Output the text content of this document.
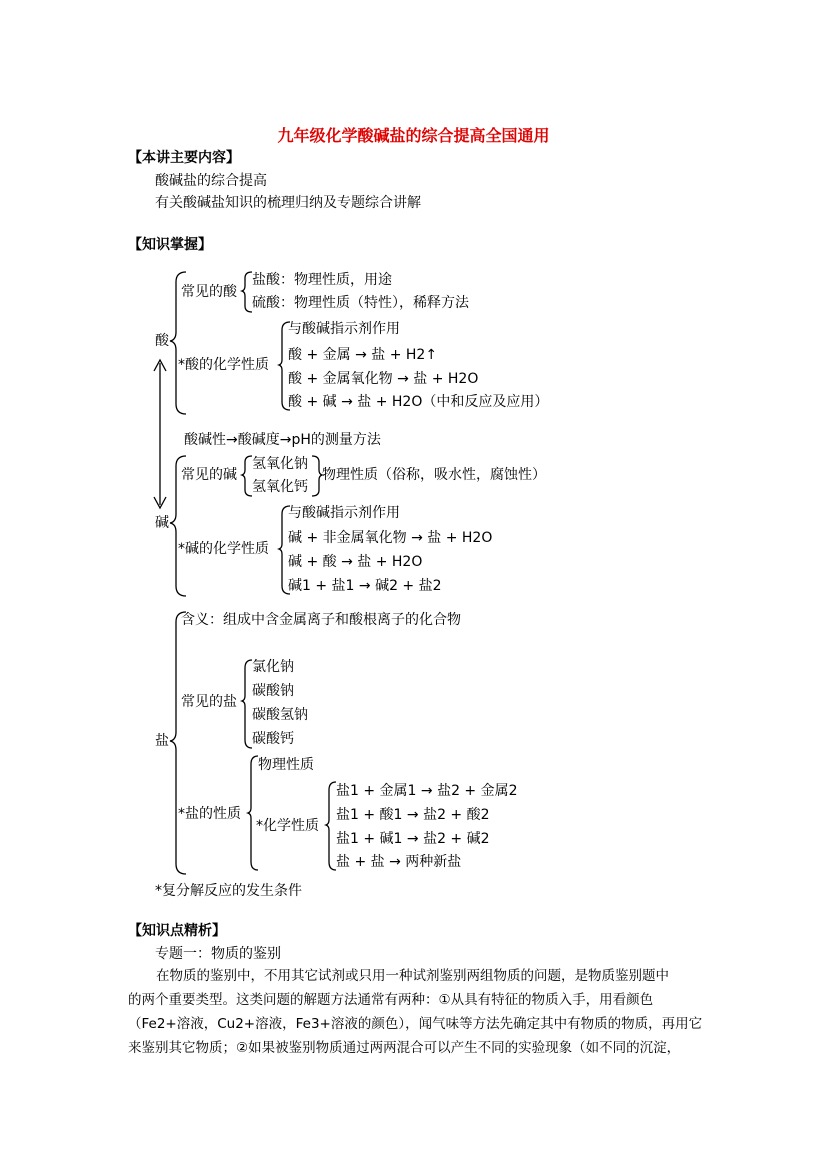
九年级化学酸碱盐的综合提高全国通用
【本讲主要内容】
酸碱盐的综合提高
有关酸碱盐知识的梳理归纳及专题综合讲解
【知识掌握】
酸
常见的酸
盐酸：物理性质，用途
硫酸：物理性质（特性），稀释方法
*酸的化学性质
与酸碱指示剂作用
酸 + 金属 → 盐 + H2↑
酸 + 金属氧化物 → 盐 + H2O
酸 + 碱 → 盐 + H2O（中和反应及应用）
酸碱性→酸碱度→pH的测量方法
碱
常见的碱
氢氧化钠
氢氧化钙
物理性质（俗称，吸水性，腐蚀性）
*碱的化学性质
与酸碱指示剂作用
碱 + 非金属氧化物 → 盐 + H2O
碱 + 酸 → 盐 + H2O
碱1 + 盐1 → 碱2 + 盐2
盐
含义：组成中含金属离子和酸根离子的化合物
常见的盐
氯化钠
碳酸钠
碳酸氢钠
碳酸钙
*盐的性质
物理性质
*化学性质
盐1 + 金属1 → 盐2 + 金属2
盐1 + 酸1 → 盐2 + 酸2
盐1 + 碱1 → 盐2 + 碱2
盐 + 盐 → 两种新盐
*复分解反应的发生条件
【知识点精析】
专题一：物质的鉴别
在物质的鉴别中，不用其它试剂或只用一种试剂鉴别两组物质的问题，是物质鉴别题中
的两个重要类型。这类问题的解题方法通常有两种：①从具有特征的物质入手，用看颜色
（Fe2+溶液，Cu2+溶液，Fe3+溶液的颜色），闻气味等方法先确定其中有物质的物质，再用它
来鉴别其它物质；②如果被鉴别物质通过两两混合可以产生不同的实验现象（如不同的沉淀，
